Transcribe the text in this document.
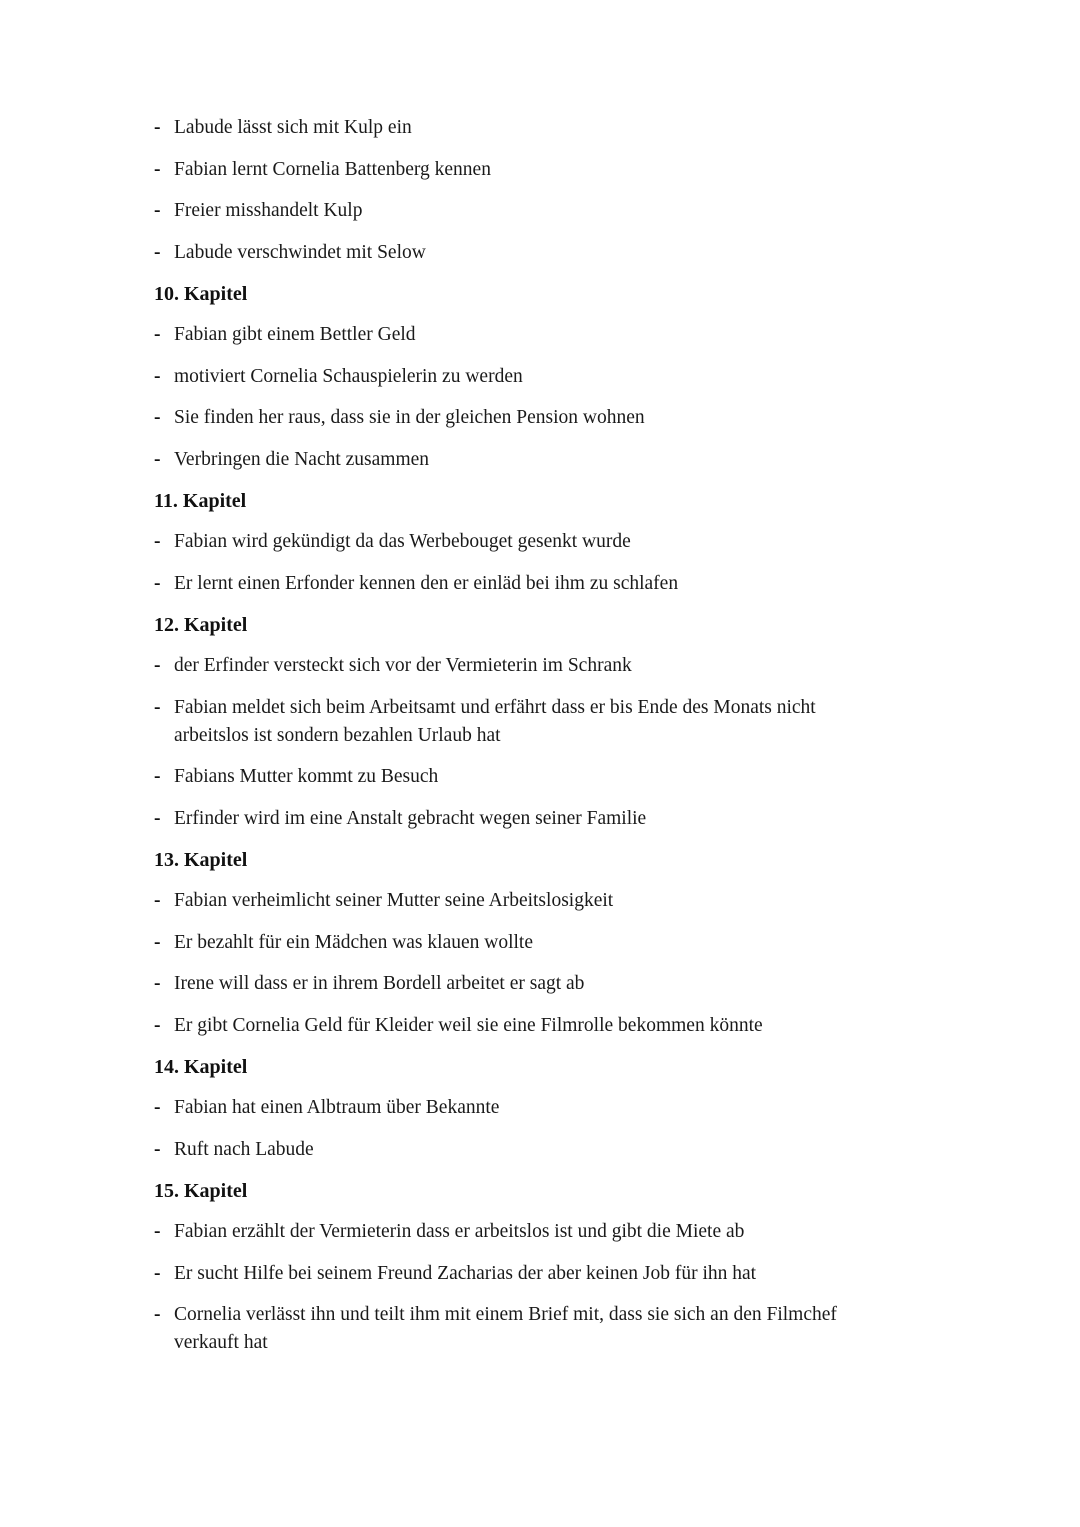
- Labude lässt sich mit Kulp ein
- Fabian lernt Cornelia Battenberg kennen
- Freier misshandelt Kulp
- Labude verschwindet mit Selow
10. Kapitel
- Fabian gibt einem Bettler Geld
- motiviert Cornelia Schauspielerin zu werden
- Sie finden her raus, dass sie in der gleichen Pension wohnen
- Verbringen die Nacht zusammen
11. Kapitel
- Fabian wird gekündigt da das Werbebouget gesenkt wurde
- Er lernt einen Erfonder kennen den er einläd bei ihm zu schlafen
12. Kapitel
- der Erfinder versteckt sich vor der Vermieterin im Schrank
- Fabian meldet sich beim Arbeitsamt und erfährt dass er bis Ende des Monats nicht arbeitslos ist sondern bezahlen Urlaub hat
- Fabians Mutter kommt zu Besuch
- Erfinder wird im eine Anstalt gebracht wegen seiner Familie
13. Kapitel
- Fabian verheimlicht seiner Mutter seine Arbeitslosigkeit
- Er bezahlt für ein Mädchen was klauen wollte
- Irene will dass er in ihrem Bordell arbeitet er sagt ab
- Er gibt Cornelia Geld für Kleider weil sie eine Filmrolle bekommen könnte
14. Kapitel
- Fabian hat einen Albtraum über Bekannte
- Ruft nach Labude
15. Kapitel
- Fabian erzählt der Vermieterin dass er arbeitslos ist und gibt die Miete ab
- Er sucht Hilfe bei seinem Freund Zacharias der aber keinen Job für ihn hat
- Cornelia verlässt ihn und teilt ihm mit einem Brief mit, dass sie sich an den Filmchef verkauft hat
